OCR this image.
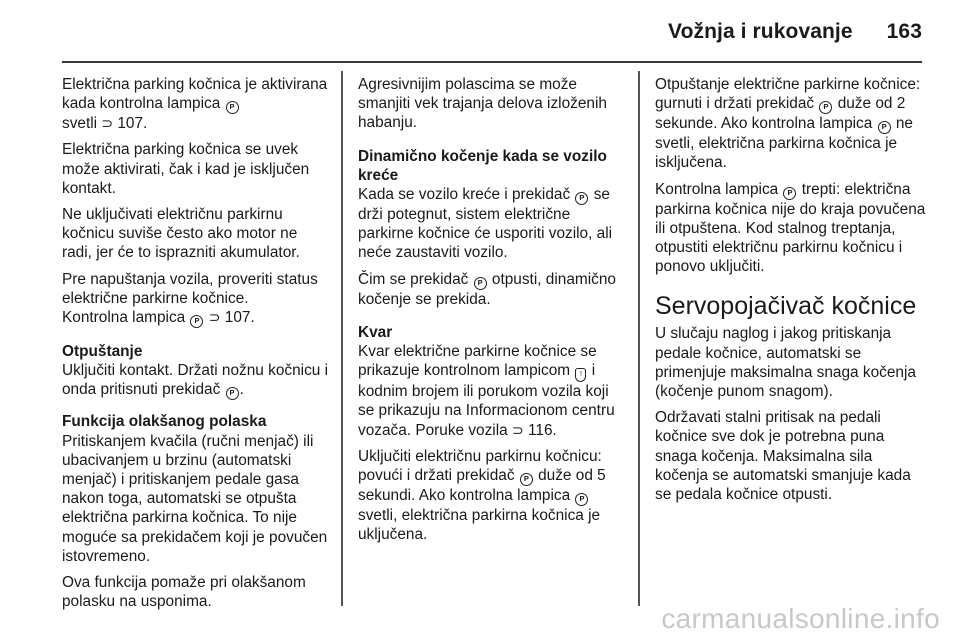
Vožnja i rukovanje 163

Električna parking kočnica je aktivirana kada kontrolna lampica P
svetli ⊃ 107.

Električna parking kočnica se uvek može aktivirati, čak i kad je isključen kontakt.

Ne uključivati električnu parkirnu kočnicu suviše često ako motor ne radi, jer će to isprazniti akumulator.

Pre napuštanja vozila, proveriti status električne parkirne kočnice.
Kontrolna lampica P ⊃ 107.

Otpuštanje

Uključiti kontakt. Držati nožnu kočnicu i onda pritisnuti prekidač P .

Funkcija olakšanog polaska

Pritiskanjem kvačila (ručni menjač) ili ubacivanjem u brzinu (automatski menjač) i pritiskanjem pedale gasa nakon toga, automatski se otpušta električna parkirna kočnica. To nije moguće sa prekidačem koji je povučen istovremeno.

Ova funkcija pomaže pri olakšanom polasku na usponima.

Agresivnijim polascima se može smanjiti vek trajanja delova izloženih habanju.

Dinamično kočenje kada se vozilo kreće

Kada se vozilo kreće i prekidač P se drži potegnut, sistem električne parkirne kočnice će usporiti vozilo, ali neće zaustaviti vozilo.

Čim se prekidač P otpusti, dinamično kočenje se prekida.

Kvar

Kvar električne parkirne kočnice se prikazuje kontrolnom lampicom ! i kodnim brojem ili porukom vozila koji se prikazuju na Informacionom centru vozača. Poruke vozila ⊃ 116.

Uključiti električnu parkirnu kočnicu: povući i držati prekidač P duže od 5 sekundi. Ako kontrolna lampica P svetli, električna parkirna kočnica je uključena.

Otpuštanje električne parkirne kočnice: gurnuti i držati prekidač P duže od 2 sekunde. Ako kontrolna lampica P ne svetli, električna parkirna kočnica je isključena.

Kontrolna lampica P trepti: električna parkirna kočnica nije do kraja povučena ili otpuštena. Kod stalnog treptanja, otpustiti električnu parkirnu kočnicu i ponovo uključiti.

Servopojačivač kočnice

U slučaju naglog i jakog pritiskanja pedale kočnice, automatski se primenjuje maksimalna snaga kočenja (kočenje punom snagom).

Održavati stalni pritisak na pedali kočnice sve dok je potrebna puna snaga kočenja. Maksimalna sila kočenja se automatski smanjuje kada se pedala kočnice otpusti.

carmanualsonline.info
